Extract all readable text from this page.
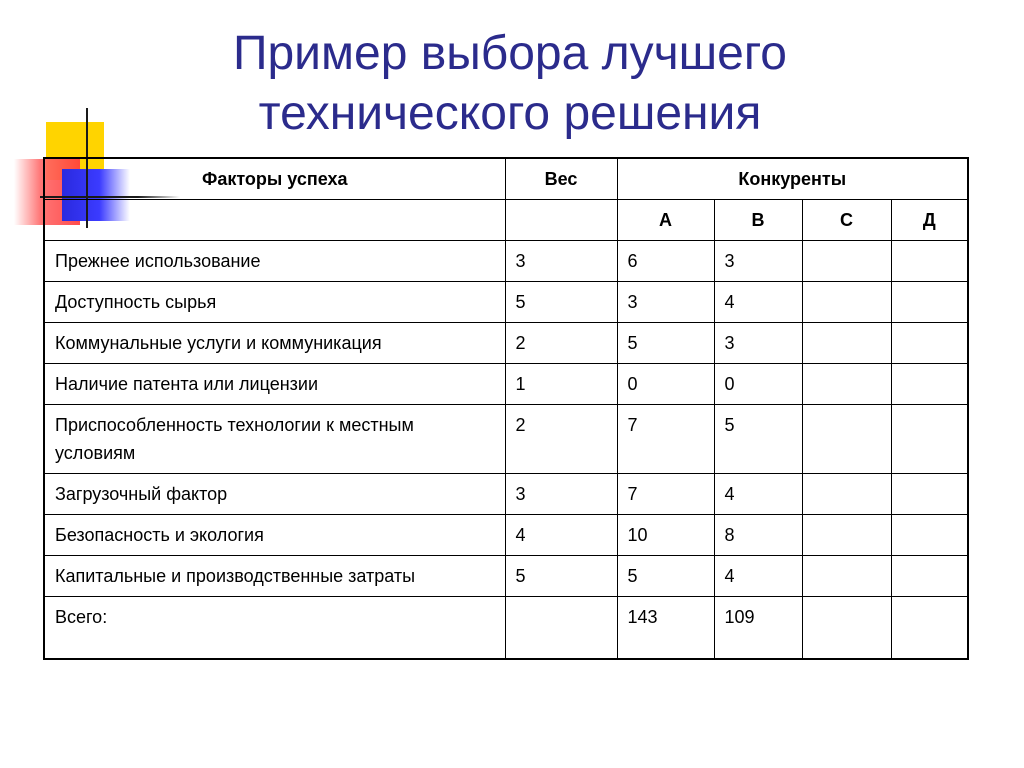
Пример выбора лучшего
технического решения
Факторы успеха	Вес	Конкуренты			
		A	B	C	Д
Прежнее использование	3	6	3		
Доступность сырья	5	3	4		
Коммунальные услуги и коммуникация	2	5	3		
Наличие патента или лицензии	1	0	0		
Приспособленность технологии к местным условиям	2	7	5		
Загрузочный фактор	3	7	4		
Безопасность и экология	4	10	8		
Капитальные и производственные затраты	5	5	4		
Всего:		143	109		
